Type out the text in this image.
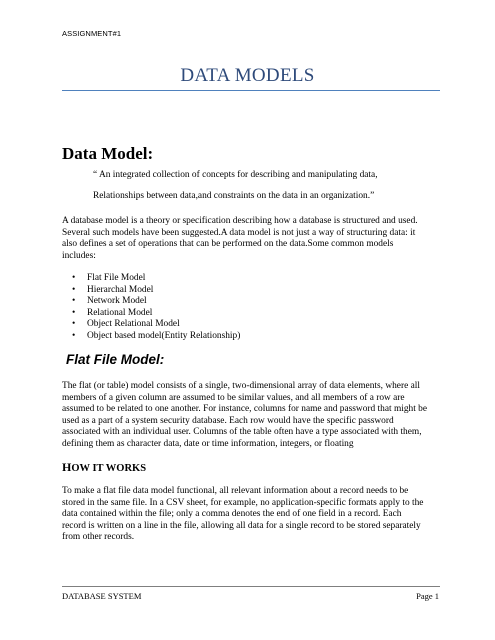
ASSIGNMENT#1
DATA MODELS
Data Model:
“ An integrated collection of concepts for describing and manipulating data,
Relationships between data,and constraints on the data in an organization.”
A database model is a theory or specification describing how a database is structured and used.
Several such models have been suggested.A data model is not just a way of structuring data: it
also defines a set of operations that can be performed on the data.Some common models
includes:
• Flat File Model
• Hierarchal Model
• Network Model
• Relational Model
• Object Relational Model
• Object based model(Entity Relationship)
Flat File Model:
The flat (or table) model consists of a single, two-dimensional array of data elements, where all
members of a given column are assumed to be similar values, and all members of a row are
assumed to be related to one another. For instance, columns for name and password that might be
used as a part of a system security database. Each row would have the specific password
associated with an individual user. Columns of the table often have a type associated with them,
defining them as character data, date or time information, integers, or floating
HOW IT WORKS
To make a flat file data model functional, all relevant information about a record needs to be
stored in the same file. In a CSV sheet, for example, no application-specific formats apply to the
data contained within the file; only a comma denotes the end of one field in a record. Each
record is written on a line in the file, allowing all data for a single record to be stored separately
from other records.
DATABASE SYSTEM	Page 1
